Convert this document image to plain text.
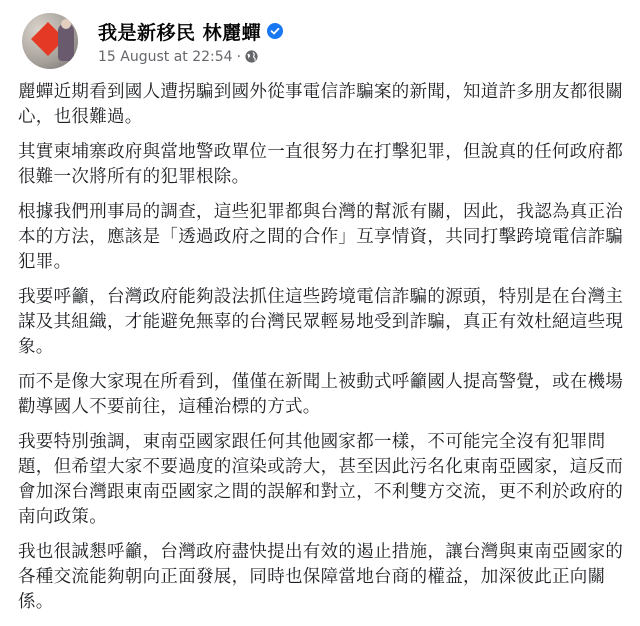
我是新移民 林麗蟬
15 August at 22:54 ·

麗蟬近期看到國人遭拐騙到國外從事電信詐騙案的新聞，知道許多朋友都很關心，也很難過。

其實柬埔寨政府與當地警政單位一直很努力在打擊犯罪，但說真的任何政府都很難一次將所有的犯罪根除。

根據我們刑事局的調查，這些犯罪都與台灣的幫派有關，因此，我認為真正治本的方法，應該是「透過政府之間的合作」互享情資，共同打擊跨境電信詐騙犯罪。

我要呼籲，台灣政府能夠設法抓住這些跨境電信詐騙的源頭，特別是在台灣主謀及其組織，才能避免無辜的台灣民眾輕易地受到詐騙，真正有效杜絕這些現象。

而不是像大家現在所看到，僅僅在新聞上被動式呼籲國人提高警覺，或在機場勸導國人不要前往，這種治標的方式。

我要特別強調，東南亞國家跟任何其他國家都一樣，不可能完全沒有犯罪問題，但希望大家不要過度的渲染或誇大，甚至因此污名化東南亞國家，這反而會加深台灣跟東南亞國家之間的誤解和對立，不利雙方交流，更不利於政府的南向政策。

我也很誠懇呼籲，台灣政府盡快提出有效的遏止措施，讓台灣與東南亞國家的各種交流能夠朝向正面發展，同時也保障當地台商的權益，加深彼此正向關係。
